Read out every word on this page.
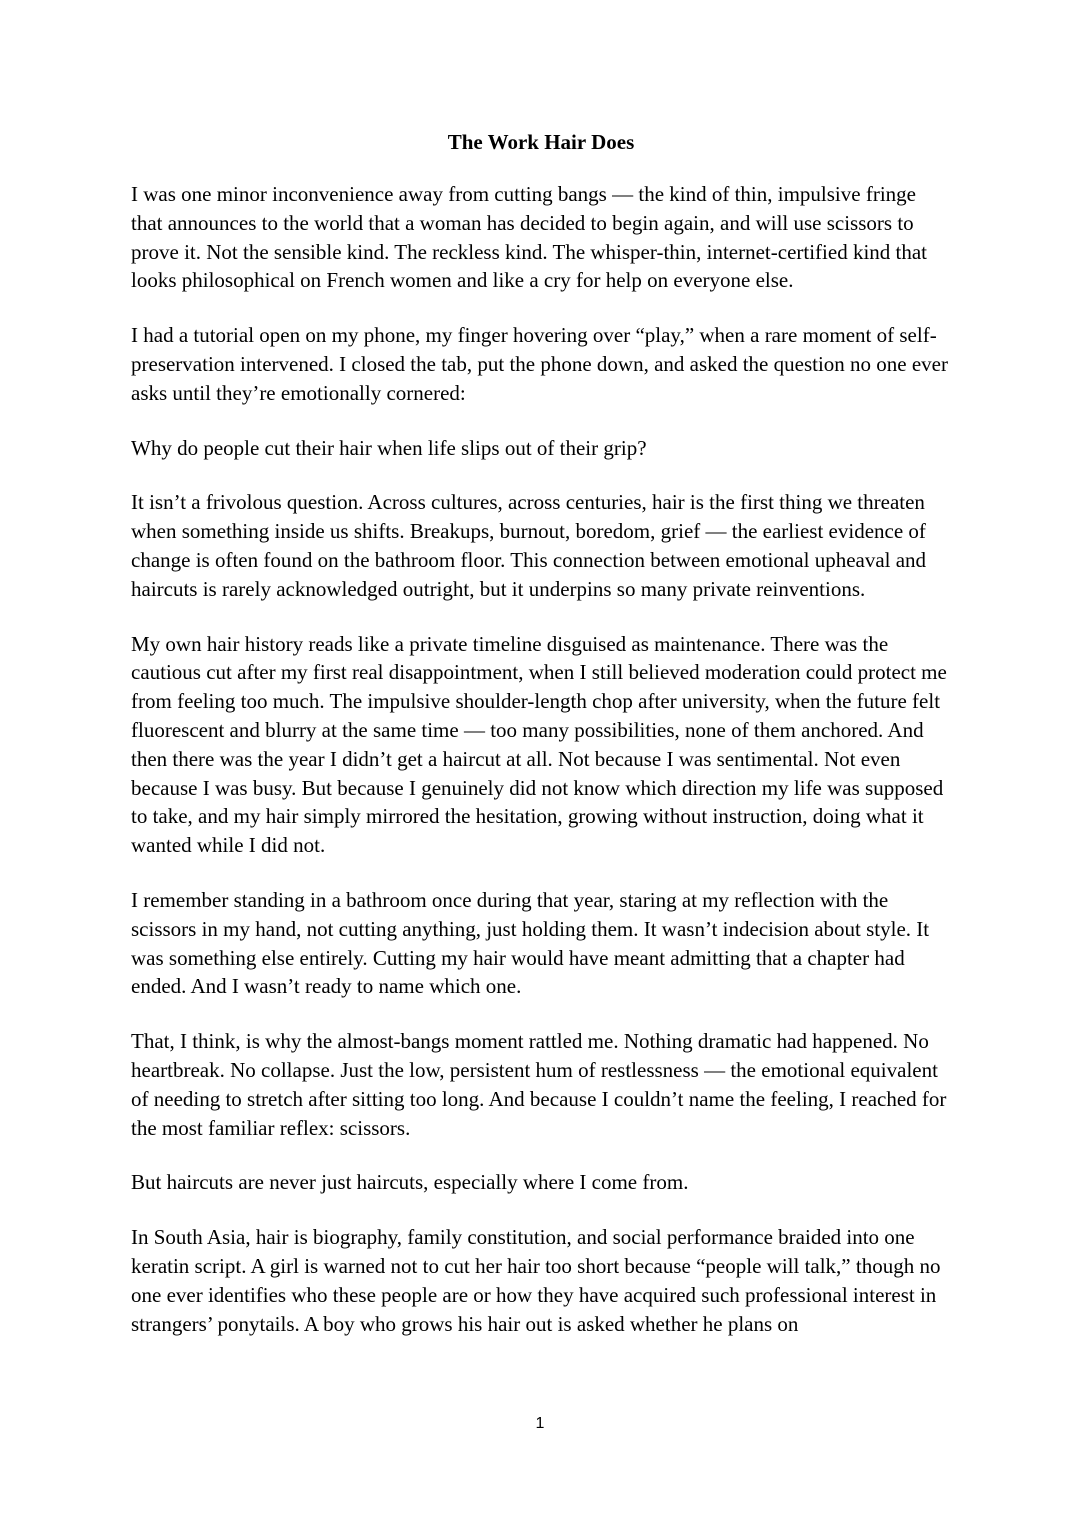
The Work Hair Does

I was one minor inconvenience away from cutting bangs — the kind of thin, impulsive fringe that announces to the world that a woman has decided to begin again, and will use scissors to prove it. Not the sensible kind. The reckless kind. The whisper-thin, internet-certified kind that looks philosophical on French women and like a cry for help on everyone else.

I had a tutorial open on my phone, my finger hovering over “play,” when a rare moment of self-preservation intervened. I closed the tab, put the phone down, and asked the question no one ever asks until they’re emotionally cornered:

Why do people cut their hair when life slips out of their grip?

It isn’t a frivolous question. Across cultures, across centuries, hair is the first thing we threaten when something inside us shifts. Breakups, burnout, boredom, grief — the earliest evidence of change is often found on the bathroom floor. This connection between emotional upheaval and haircuts is rarely acknowledged outright, but it underpins so many private reinventions.

My own hair history reads like a private timeline disguised as maintenance. There was the cautious cut after my first real disappointment, when I still believed moderation could protect me from feeling too much. The impulsive shoulder-length chop after university, when the future felt fluorescent and blurry at the same time — too many possibilities, none of them anchored. And then there was the year I didn’t get a haircut at all. Not because I was sentimental. Not even because I was busy. But because I genuinely did not know which direction my life was supposed to take, and my hair simply mirrored the hesitation, growing without instruction, doing what it wanted while I did not.

I remember standing in a bathroom once during that year, staring at my reflection with the scissors in my hand, not cutting anything, just holding them. It wasn’t indecision about style. It was something else entirely. Cutting my hair would have meant admitting that a chapter had ended. And I wasn’t ready to name which one.

That, I think, is why the almost-bangs moment rattled me. Nothing dramatic had happened. No heartbreak. No collapse. Just the low, persistent hum of restlessness — the emotional equivalent of needing to stretch after sitting too long. And because I couldn’t name the feeling, I reached for the most familiar reflex: scissors.

But haircuts are never just haircuts, especially where I come from.

In South Asia, hair is biography, family constitution, and social performance braided into one keratin script. A girl is warned not to cut her hair too short because “people will talk,” though no one ever identifies who these people are or how they have acquired such professional interest in strangers’ ponytails. A boy who grows his hair out is asked whether he plans on

1
